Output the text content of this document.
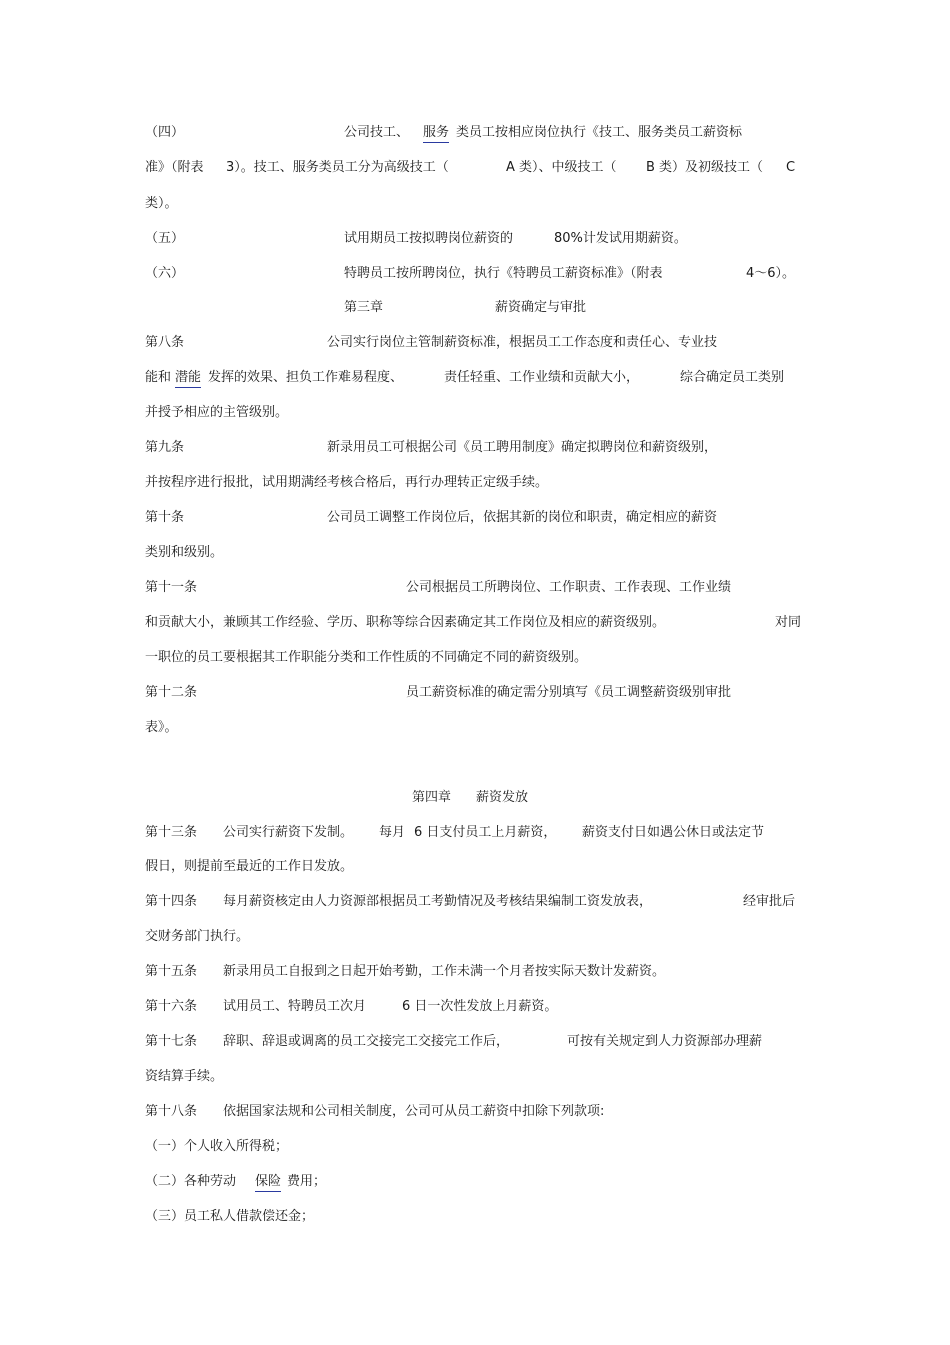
（四）	公司技工、 服务 类员工按相应岗位执行《技工、服务类员工薪资标
准》（附表 3）。技工、服务类员工分为高级技工（	A 类）、中级技工（ B 类）及初级技工（ C
类）。
（五）	试用期员工按拟聘岗位薪资的	80%计发试用期薪资。
（六）	特聘员工按所聘岗位，执行《特聘员工薪资标准》（附表	4～6）。
第三章	薪资确定与审批
第八条	公司实行岗位主管制薪资标准，根据员工工作态度和责任心、专业技
能和 潜能 发挥的效果、担负工作难易程度、	责任轻重、工作业绩和贡献大小，	综合确定员工类别
并授予相应的主管级别。
第九条	新录用员工可根据公司《员工聘用制度》确定拟聘岗位和薪资级别，
并按程序进行报批，试用期满经考核合格后，再行办理转正定级手续。
第十条	公司员工调整工作岗位后，依据其新的岗位和职责，确定相应的薪资
类别和级别。
第十一条	公司根据员工所聘岗位、工作职责、工作表现、工作业绩
和贡献大小，兼顾其工作经验、学历、职称等综合因素确定其工作岗位及相应的薪资级别。	对同
一职位的员工要根据其工作职能分类和工作性质的不同确定不同的薪资级别。
第十二条	员工薪资标准的确定需分别填写《员工调整薪资级别审批
表》。
第四章 薪资发放
第十三条 公司实行薪资下发制。 每月 6 日支付员工上月薪资， 薪资支付日如遇公休日或法定节
假日，则提前至最近的工作日发放。
第十四条 每月薪资核定由人力资源部根据员工考勤情况及考核结果编制工资发放表，	经审批后
交财务部门执行。
第十五条 新录用员工自报到之日起开始考勤，工作未满一个月者按实际天数计发薪资。
第十六条 试用员工、特聘员工次月	6 日一次性发放上月薪资。
第十七条 辞职、辞退或调离的员工交接完工交接完工作后，	可按有关规定到人力资源部办理薪
资结算手续。
第十八条 依据国家法规和公司相关制度，公司可从员工薪资中扣除下列款项:
（一）个人收入所得税；
（二）各种劳动 保险 费用；
（三）员工私人借款偿还金；
